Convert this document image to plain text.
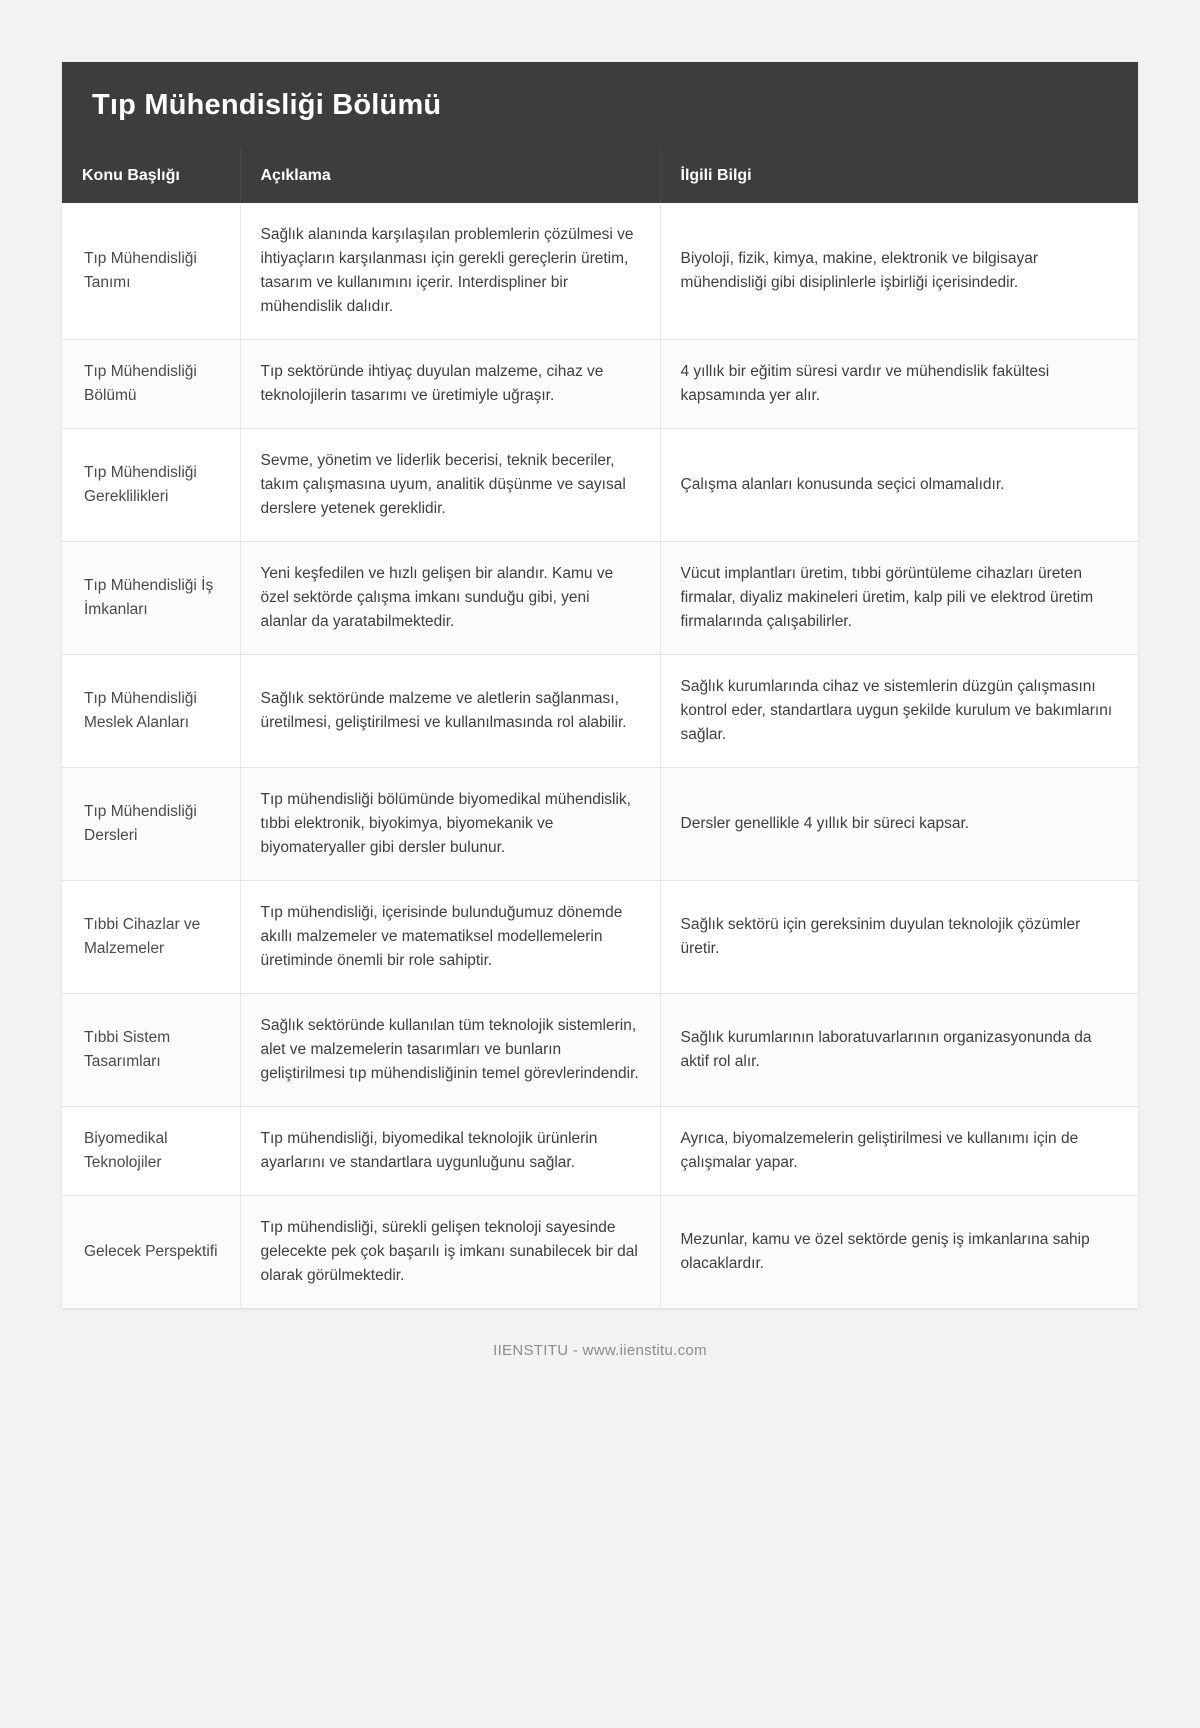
Tıp Mühendisliği Bölümü
Konu Başlığı	Açıklama	İlgili Bilgi
Tıp Mühendisliği Tanımı	Sağlık alanında karşılaşılan problemlerin çözülmesi ve ihtiyaçların karşılanması için gerekli gereçlerin üretim, tasarım ve kullanımını içerir. Interdispliner bir mühendislik dalıdır.	Biyoloji, fizik, kimya, makine, elektronik ve bilgisayar mühendisliği gibi disiplinlerle işbirliği içerisindedir.
Tıp Mühendisliği Bölümü	Tıp sektöründe ihtiyaç duyulan malzeme, cihaz ve teknolojilerin tasarımı ve üretimiyle uğraşır.	4 yıllık bir eğitim süresi vardır ve mühendislik fakültesi kapsamında yer alır.
Tıp Mühendisliği Gereklilikleri	Sevme, yönetim ve liderlik becerisi, teknik beceriler, takım çalışmasına uyum, analitik düşünme ve sayısal derslere yetenek gereklidir.	Çalışma alanları konusunda seçici olmamalıdır.
Tıp Mühendisliği İş İmkanları	Yeni keşfedilen ve hızlı gelişen bir alandır. Kamu ve özel sektörde çalışma imkanı sunduğu gibi, yeni alanlar da yaratabilmektedir.	Vücut implantları üretim, tıbbi görüntüleme cihazları üreten firmalar, diyaliz makineleri üretim, kalp pili ve elektrod üretim firmalarında çalışabilirler.
Tıp Mühendisliği Meslek Alanları	Sağlık sektöründe malzeme ve aletlerin sağlanması, üretilmesi, geliştirilmesi ve kullanılmasında rol alabilir.	Sağlık kurumlarında cihaz ve sistemlerin düzgün çalışmasını kontrol eder, standartlara uygun şekilde kurulum ve bakımlarını sağlar.
Tıp Mühendisliği Dersleri	Tıp mühendisliği bölümünde biyomedikal mühendislik, tıbbi elektronik, biyokimya, biyomekanik ve biyomateryaller gibi dersler bulunur.	Dersler genellikle 4 yıllık bir süreci kapsar.
Tıbbi Cihazlar ve Malzemeler	Tıp mühendisliği, içerisinde bulunduğumuz dönemde akıllı malzemeler ve matematiksel modellemelerin üretiminde önemli bir role sahiptir.	Sağlık sektörü için gereksinim duyulan teknolojik çözümler üretir.
Tıbbi Sistem Tasarımları	Sağlık sektöründe kullanılan tüm teknolojik sistemlerin, alet ve malzemelerin tasarımları ve bunların geliştirilmesi tıp mühendisliğinin temel görevlerindendir.	Sağlık kurumlarının laboratuvarlarının organizasyonunda da aktif rol alır.
Biyomedikal Teknolojiler	Tıp mühendisliği, biyomedikal teknolojik ürünlerin ayarlarını ve standartlara uygunluğunu sağlar.	Ayrıca, biyomalzemelerin geliştirilmesi ve kullanımı için de çalışmalar yapar.
Gelecek Perspektifi	Tıp mühendisliği, sürekli gelişen teknoloji sayesinde gelecekte pek çok başarılı iş imkanı sunabilecek bir dal olarak görülmektedir.	Mezunlar, kamu ve özel sektörde geniş iş imkanlarına sahip olacaklardır.
IIENSTITU - www.iienstitu.com
